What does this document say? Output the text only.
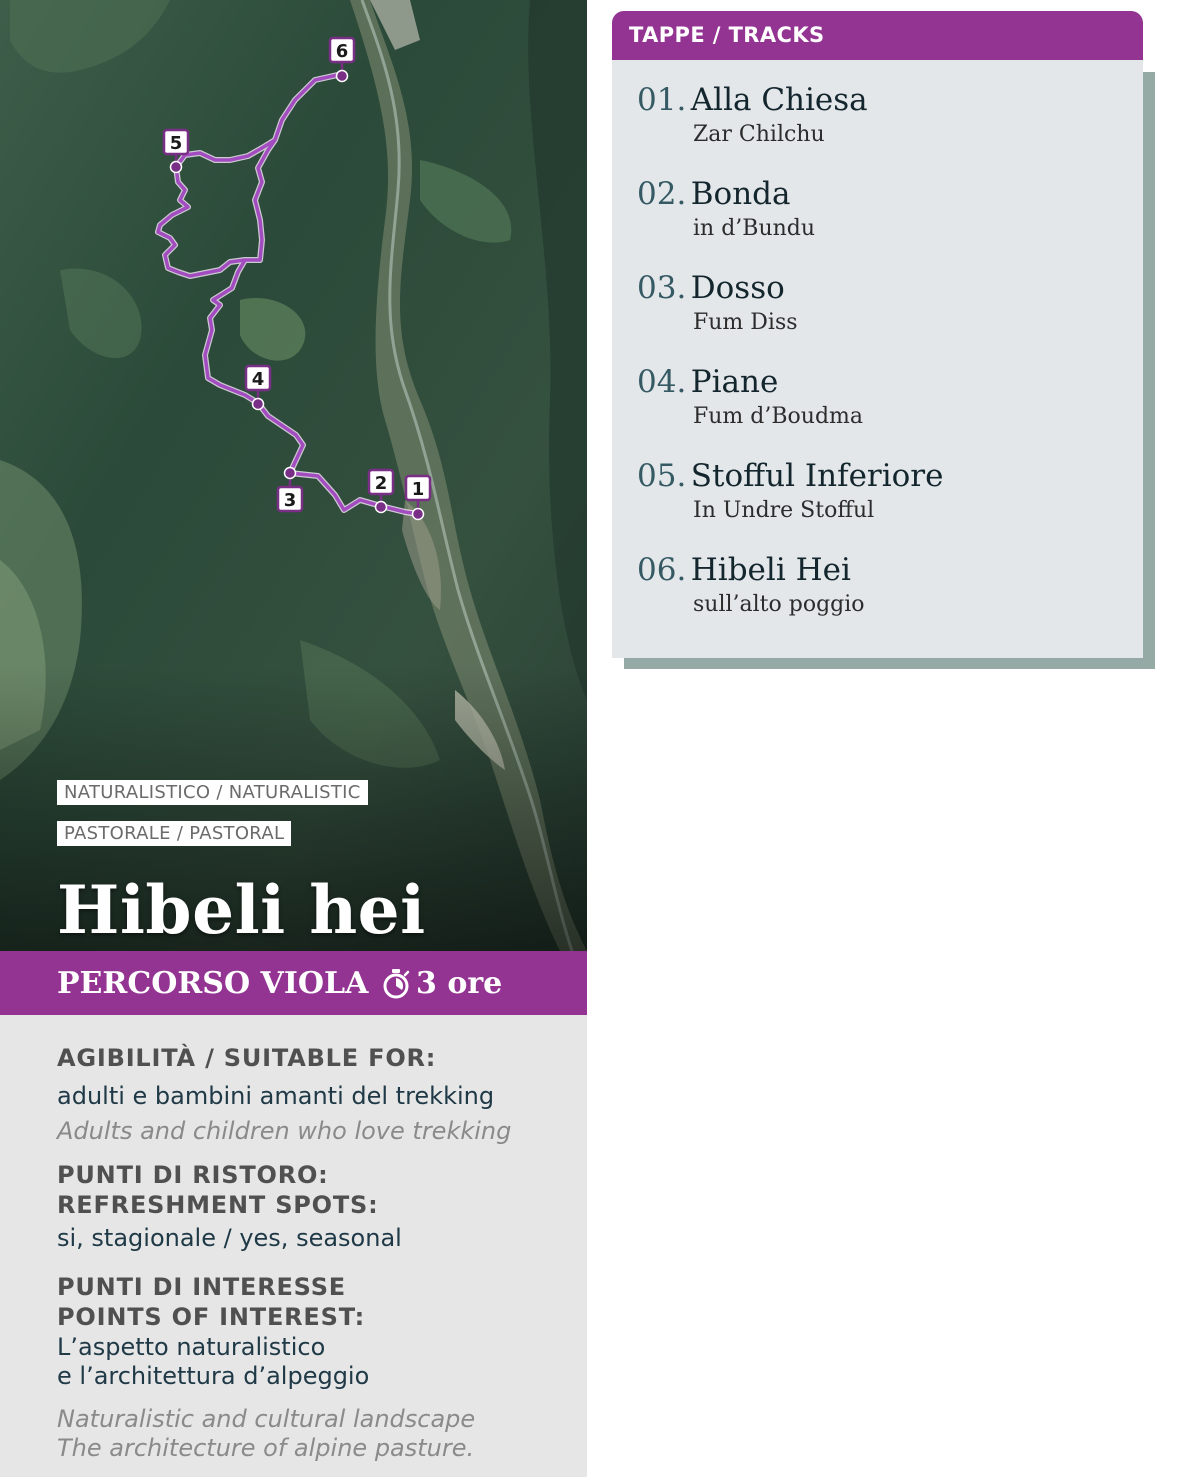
1
2
3
4
5
6
NATURALISTICO / NATURALISTIC
PASTORALE / PASTORAL
Hibeli hei
PERCORSO VIOLA 3 ore
AGIBILITÀ / SUITABLE FOR:
adulti e bambini amanti del trekking
Adults and children who love trekking
PUNTI DI RISTORO:
REFRESHMENT SPOTS:
si, stagionale / yes, seasonal
PUNTI DI INTERESSE
POINTS OF INTEREST:
L’aspetto naturalistico
e l’architettura d’alpeggio
Naturalistic and cultural landscape
The architecture of alpine pasture.
TAPPE / TRACKS
01. Alla Chiesa
Zar Chilchu
02. Bonda
in d’Bundu
03. Dosso
Fum Diss
04. Piane
Fum d’Boudma
05. Stofful Inferiore
In Undre Stofful
06. Hibeli Hei
sull’alto poggio
